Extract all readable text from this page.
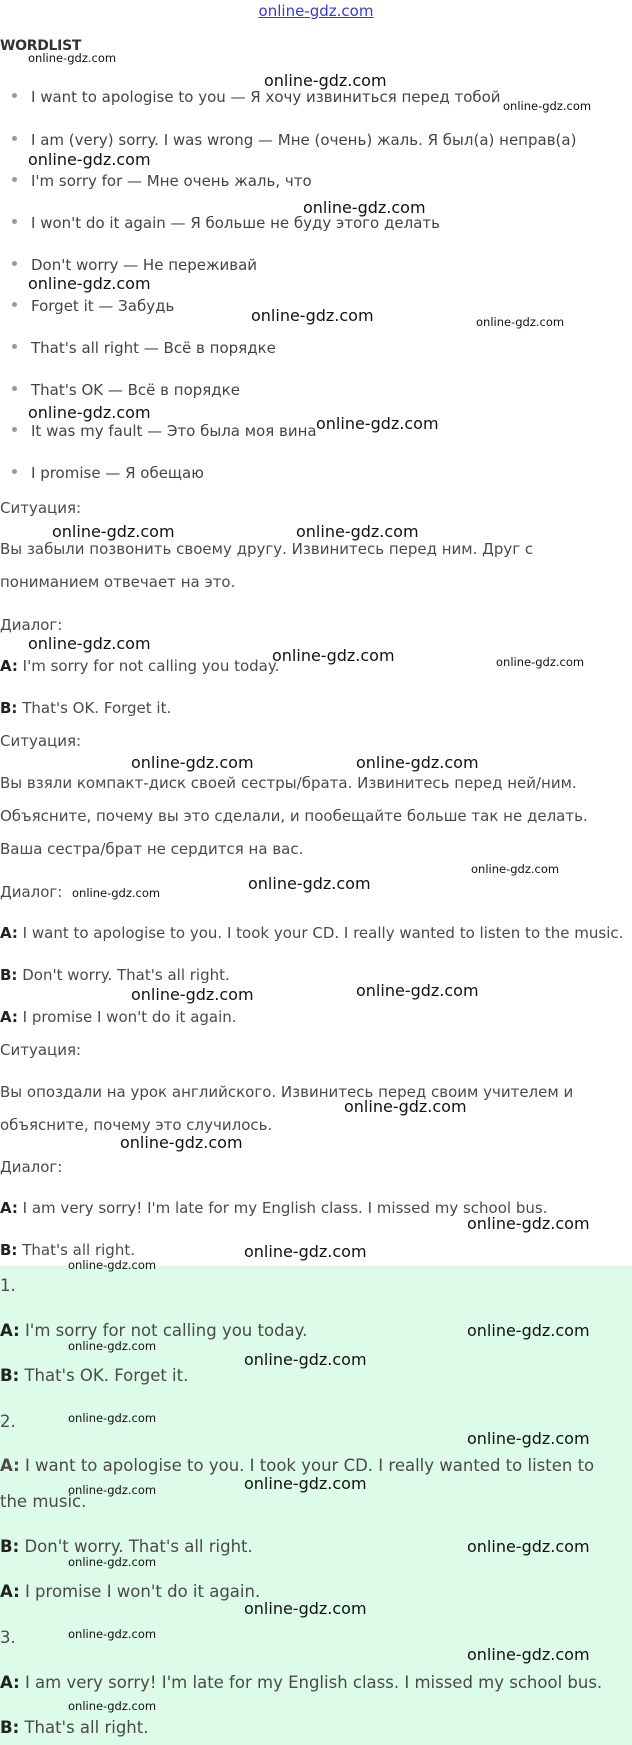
online-gdz.com
WORDLIST
I want to apologise to you — Я хочу извиниться перед тобой
I am (very) sorry. I was wrong — Мне (очень) жаль. Я был(а) неправ(а)
I'm sorry for — Мне очень жаль, что
I won't do it again — Я больше не буду этого делать
Don't worry — Не переживай
Forget it — Забудь
That's all right — Всё в порядке
That's OK — Всё в порядке
It was my fault — Это была моя вина
I promise — Я обещаю
Ситуация:
Вы забыли позвонить своему другу. Извинитесь перед ним. Друг с пониманием отвечает на это.
Диалог:
A: I'm sorry for not calling you today.
B: That's OK. Forget it.
Ситуация:
Вы взяли компакт-диск своей сестры/брата. Извинитесь перед ней/ним. Объясните, почему вы это сделали, и пообещайте больше так не делать. Ваша сестра/брат не сердится на вас.
Диалог:
A: I want to apologise to you. I took your CD. I really wanted to listen to the music.
B: Don't worry. That's all right.
A: I promise I won't do it again.
Ситуация:
Вы опоздали на урок английского. Извинитесь перед своим учителем и объясните, почему это случилось.
Диалог:
A: I am very sorry! I'm late for my English class. I missed my school bus.
B: That's all right.
1.
A: I'm sorry for not calling you today.
B: That's OK. Forget it.
2.
A: I want to apologise to you. I took your CD. I really wanted to listen to the music.
B: Don't worry. That's all right.
A: I promise I won't do it again.
3.
A: I am very sorry! I'm late for my English class. I missed my school bus.
B: That's all right.
online-gdz.com
online-gdz.com
online-gdz.com
online-gdz.com
online-gdz.com
online-gdz.com
online-gdz.com	online-gdz.com
online-gdz.com
online-gdz.com
online-gdz.com	online-gdz.com
online-gdz.com
online-gdz.com	online-gdz.com
online-gdz.com	online-gdz.com
online-gdz.com
online-gdz.com	online-gdz.com
online-gdz.com	online-gdz.com
online-gdz.com
online-gdz.com
online-gdz.com
online-gdz.com
online-gdz.com
online-gdz.com
online-gdz.com
online-gdz.com
online-gdz.com
online-gdz.com
online-gdz.com	online-gdz.com
online-gdz.com
online-gdz.com
online-gdz.com
online-gdz.com
online-gdz.com
online-gdz.com
